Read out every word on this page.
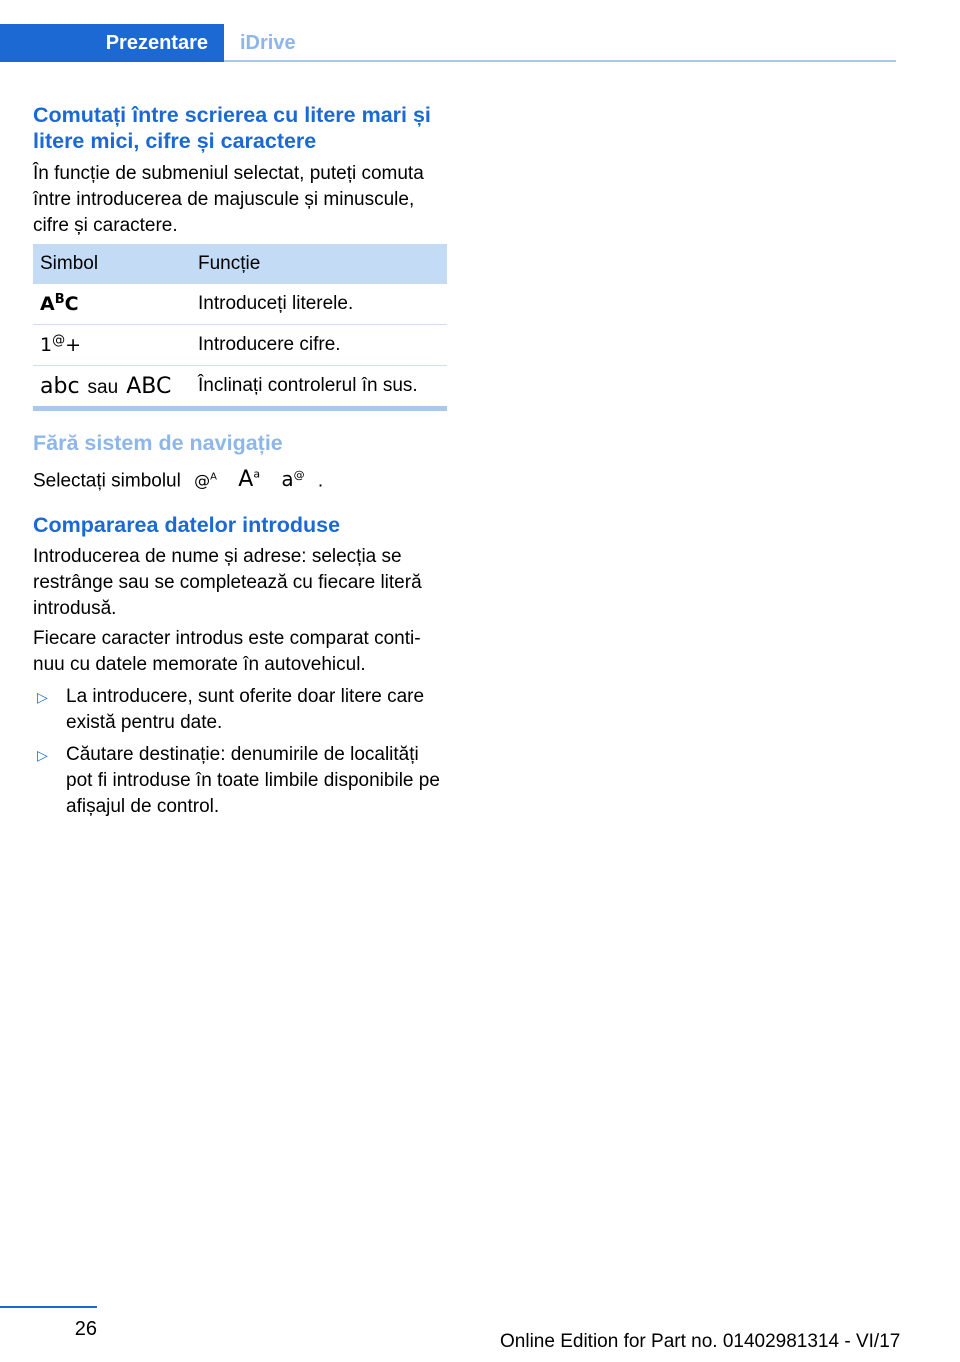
Prezentare iDrive
Comutați între scrierea cu litere mari și litere mici, cifre și caractere

În funcție de submeniul selectat, puteți comuta între introducerea de majuscule și minuscule, cifre și caractere.

Simbol	Funcție
$A^BC$	Introduceți literele.
1@+	Introducere cifre.
abc sau ABC	Înclinați controlerul în sus.
Fără sistem de navigație

Selectați simbolul @$^A$ $A^a$ a@ .

Compararea datelor introduse

Introducerea de nume și adrese: selecția se restrânge sau se completează cu fiecare literă introdusă.

Fiecare caracter introdus este comparat conti‐nuu cu datele memorate în autovehicul.

▷ La introducere, sunt oferite doar litere care există pentru date.
▷ Căutare destinație: denumirile de localități pot fi introduse în toate limbile disponibile pe afișajul de control.
26
Online Edition for Part no. 01402981314 - VI/17
